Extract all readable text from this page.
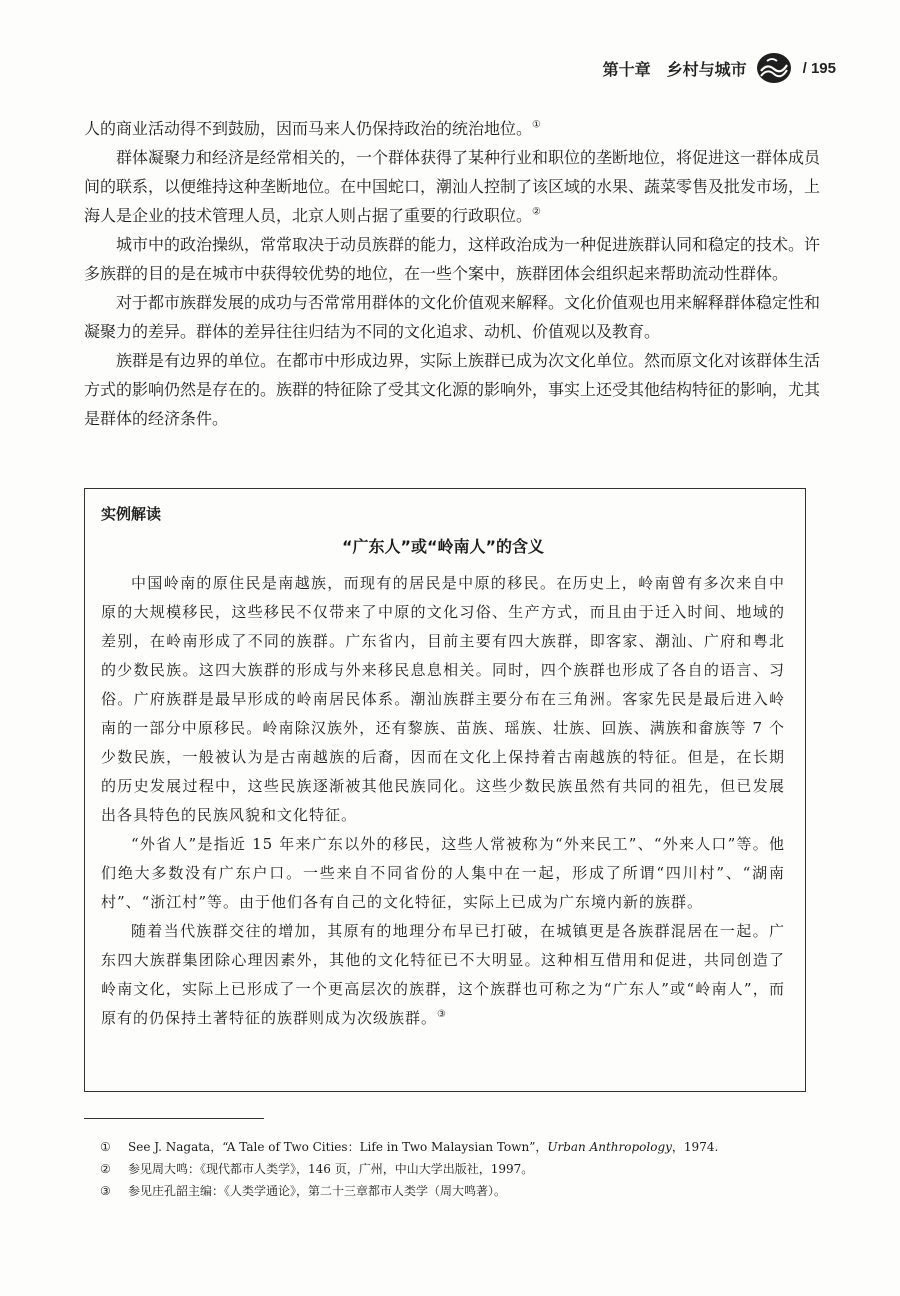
第十章 乡村与城市	/ 195

人的商业活动得不到鼓励，因而马来人仍保持政治的统治地位。①

群体凝聚力和经济是经常相关的，一个群体获得了某种行业和职位的垄断地位，将促进这一群体成员间的联系，以便维持这种垄断地位。在中国蛇口，潮汕人控制了该区域的水果、蔬菜零售及批发市场，上海人是企业的技术管理人员，北京人则占据了重要的行政职位。②

城市中的政治操纵，常常取决于动员族群的能力，这样政治成为一种促进族群认同和稳定的技术。许多族群的目的是在城市中获得较优势的地位，在一些个案中，族群团体会组织起来帮助流动性群体。

对于都市族群发展的成功与否常常用群体的文化价值观来解释。文化价值观也用来解释群体稳定性和凝聚力的差异。群体的差异往往归结为不同的文化追求、动机、价值观以及教育。

族群是有边界的单位。在都市中形成边界，实际上族群已成为次文化单位。然而原文化对该群体生活方式的影响仍然是存在的。族群的特征除了受其文化源的影响外，事实上还受其他结构特征的影响，尤其是群体的经济条件。

实例解读
“广东人”或“岭南人”的含义

中国岭南的原住民是南越族，而现有的居民是中原的移民。在历史上，岭南曾有多次来自中原的大规模移民，这些移民不仅带来了中原的文化习俗、生产方式，而且由于迁入时间、地域的差别，在岭南形成了不同的族群。广东省内，目前主要有四大族群，即客家、潮汕、广府和粤北的少数民族。这四大族群的形成与外来移民息息相关。同时，四个族群也形成了各自的语言、习俗。广府族群是最早形成的岭南居民体系。潮汕族群主要分布在三角洲。客家先民是最后进入岭南的一部分中原移民。岭南除汉族外，还有黎族、苗族、瑶族、壮族、回族、满族和畲族等 7 个少数民族，一般被认为是古南越族的后裔，因而在文化上保持着古南越族的特征。但是，在长期的历史发展过程中，这些民族逐渐被其他民族同化。这些少数民族虽然有共同的祖先，但已发展出各具特色的民族风貌和文化特征。

“外省人”是指近 15 年来广东以外的移民，这些人常被称为“外来民工”、“外来人口”等。他们绝大多数没有广东户口。一些来自不同省份的人集中在一起，形成了所谓“四川村”、“湖南村”、“浙江村”等。由于他们各有自己的文化特征，实际上已成为广东境内新的族群。

随着当代族群交往的增加，其原有的地理分布早已打破，在城镇更是各族群混居在一起。广东四大族群集团除心理因素外，其他的文化特征已不大明显。这种相互借用和促进，共同创造了岭南文化，实际上已形成了一个更高层次的族群，这个族群也可称之为“广东人”或“岭南人”，而原有的仍保持土著特征的族群则成为次级族群。③

①	See J. Nagata，“A Tale of Two Cities：Life in Two Malaysian Town”，Urban Anthropology，1974.
②	参见周大鸣：《现代都市人类学》，146 页，广州，中山大学出版社，1997。
③	参见庄孔韶主编：《人类学通论》，第二十三章都市人类学（周大鸣著）。
